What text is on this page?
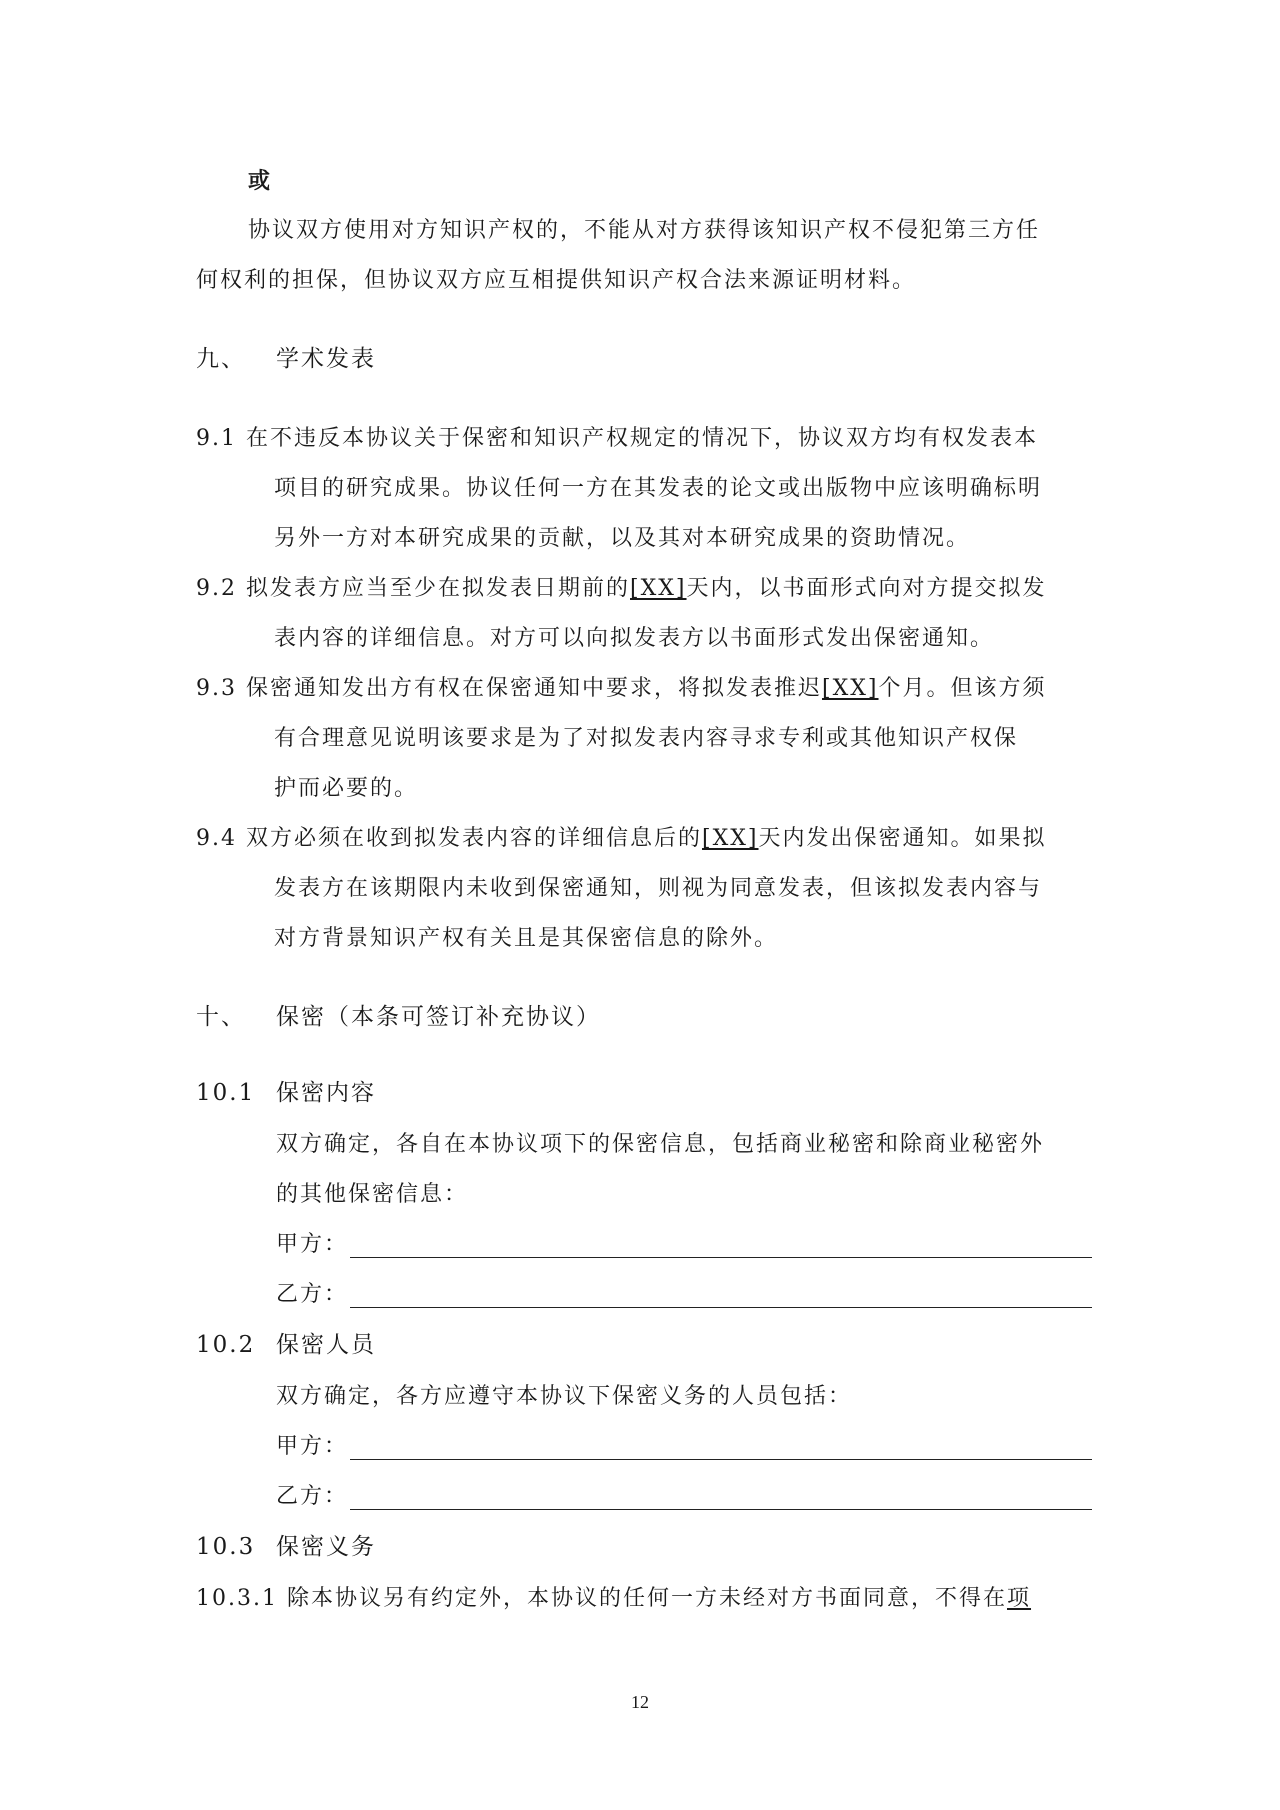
或
协议双方使用对方知识产权的，不能从对方获得该知识产权不侵犯第三方任
何权利的担保，但协议双方应互相提供知识产权合法来源证明材料。
九、 学术发表
9.1 在不违反本协议关于保密和知识产权规定的情况下，协议双方均有权发表本
项目的研究成果。协议任何一方在其发表的论文或出版物中应该明确标明
另外一方对本研究成果的贡献，以及其对本研究成果的资助情况。
9.2 拟发表方应当至少在拟发表日期前的[XX]天内，以书面形式向对方提交拟发
表内容的详细信息。对方可以向拟发表方以书面形式发出保密通知。
9.3 保密通知发出方有权在保密通知中要求，将拟发表推迟[XX]个月。但该方须
有合理意见说明该要求是为了对拟发表内容寻求专利或其他知识产权保
护而必要的。
9.4 双方必须在收到拟发表内容的详细信息后的[XX]天内发出保密通知。如果拟
发表方在该期限内未收到保密通知，则视为同意发表，但该拟发表内容与
对方背景知识产权有关且是其保密信息的除外。
十、 保密（本条可签订补充协议）
10.1 保密内容
双方确定，各自在本协议项下的保密信息，包括商业秘密和除商业秘密外
的其他保密信息：
甲方：
乙方：
10.2 保密人员
双方确定，各方应遵守本协议下保密义务的人员包括：
甲方：
乙方：
10.3 保密义务
10.3.1 除本协议另有约定外，本协议的任何一方未经对方书面同意，不得在项
12
